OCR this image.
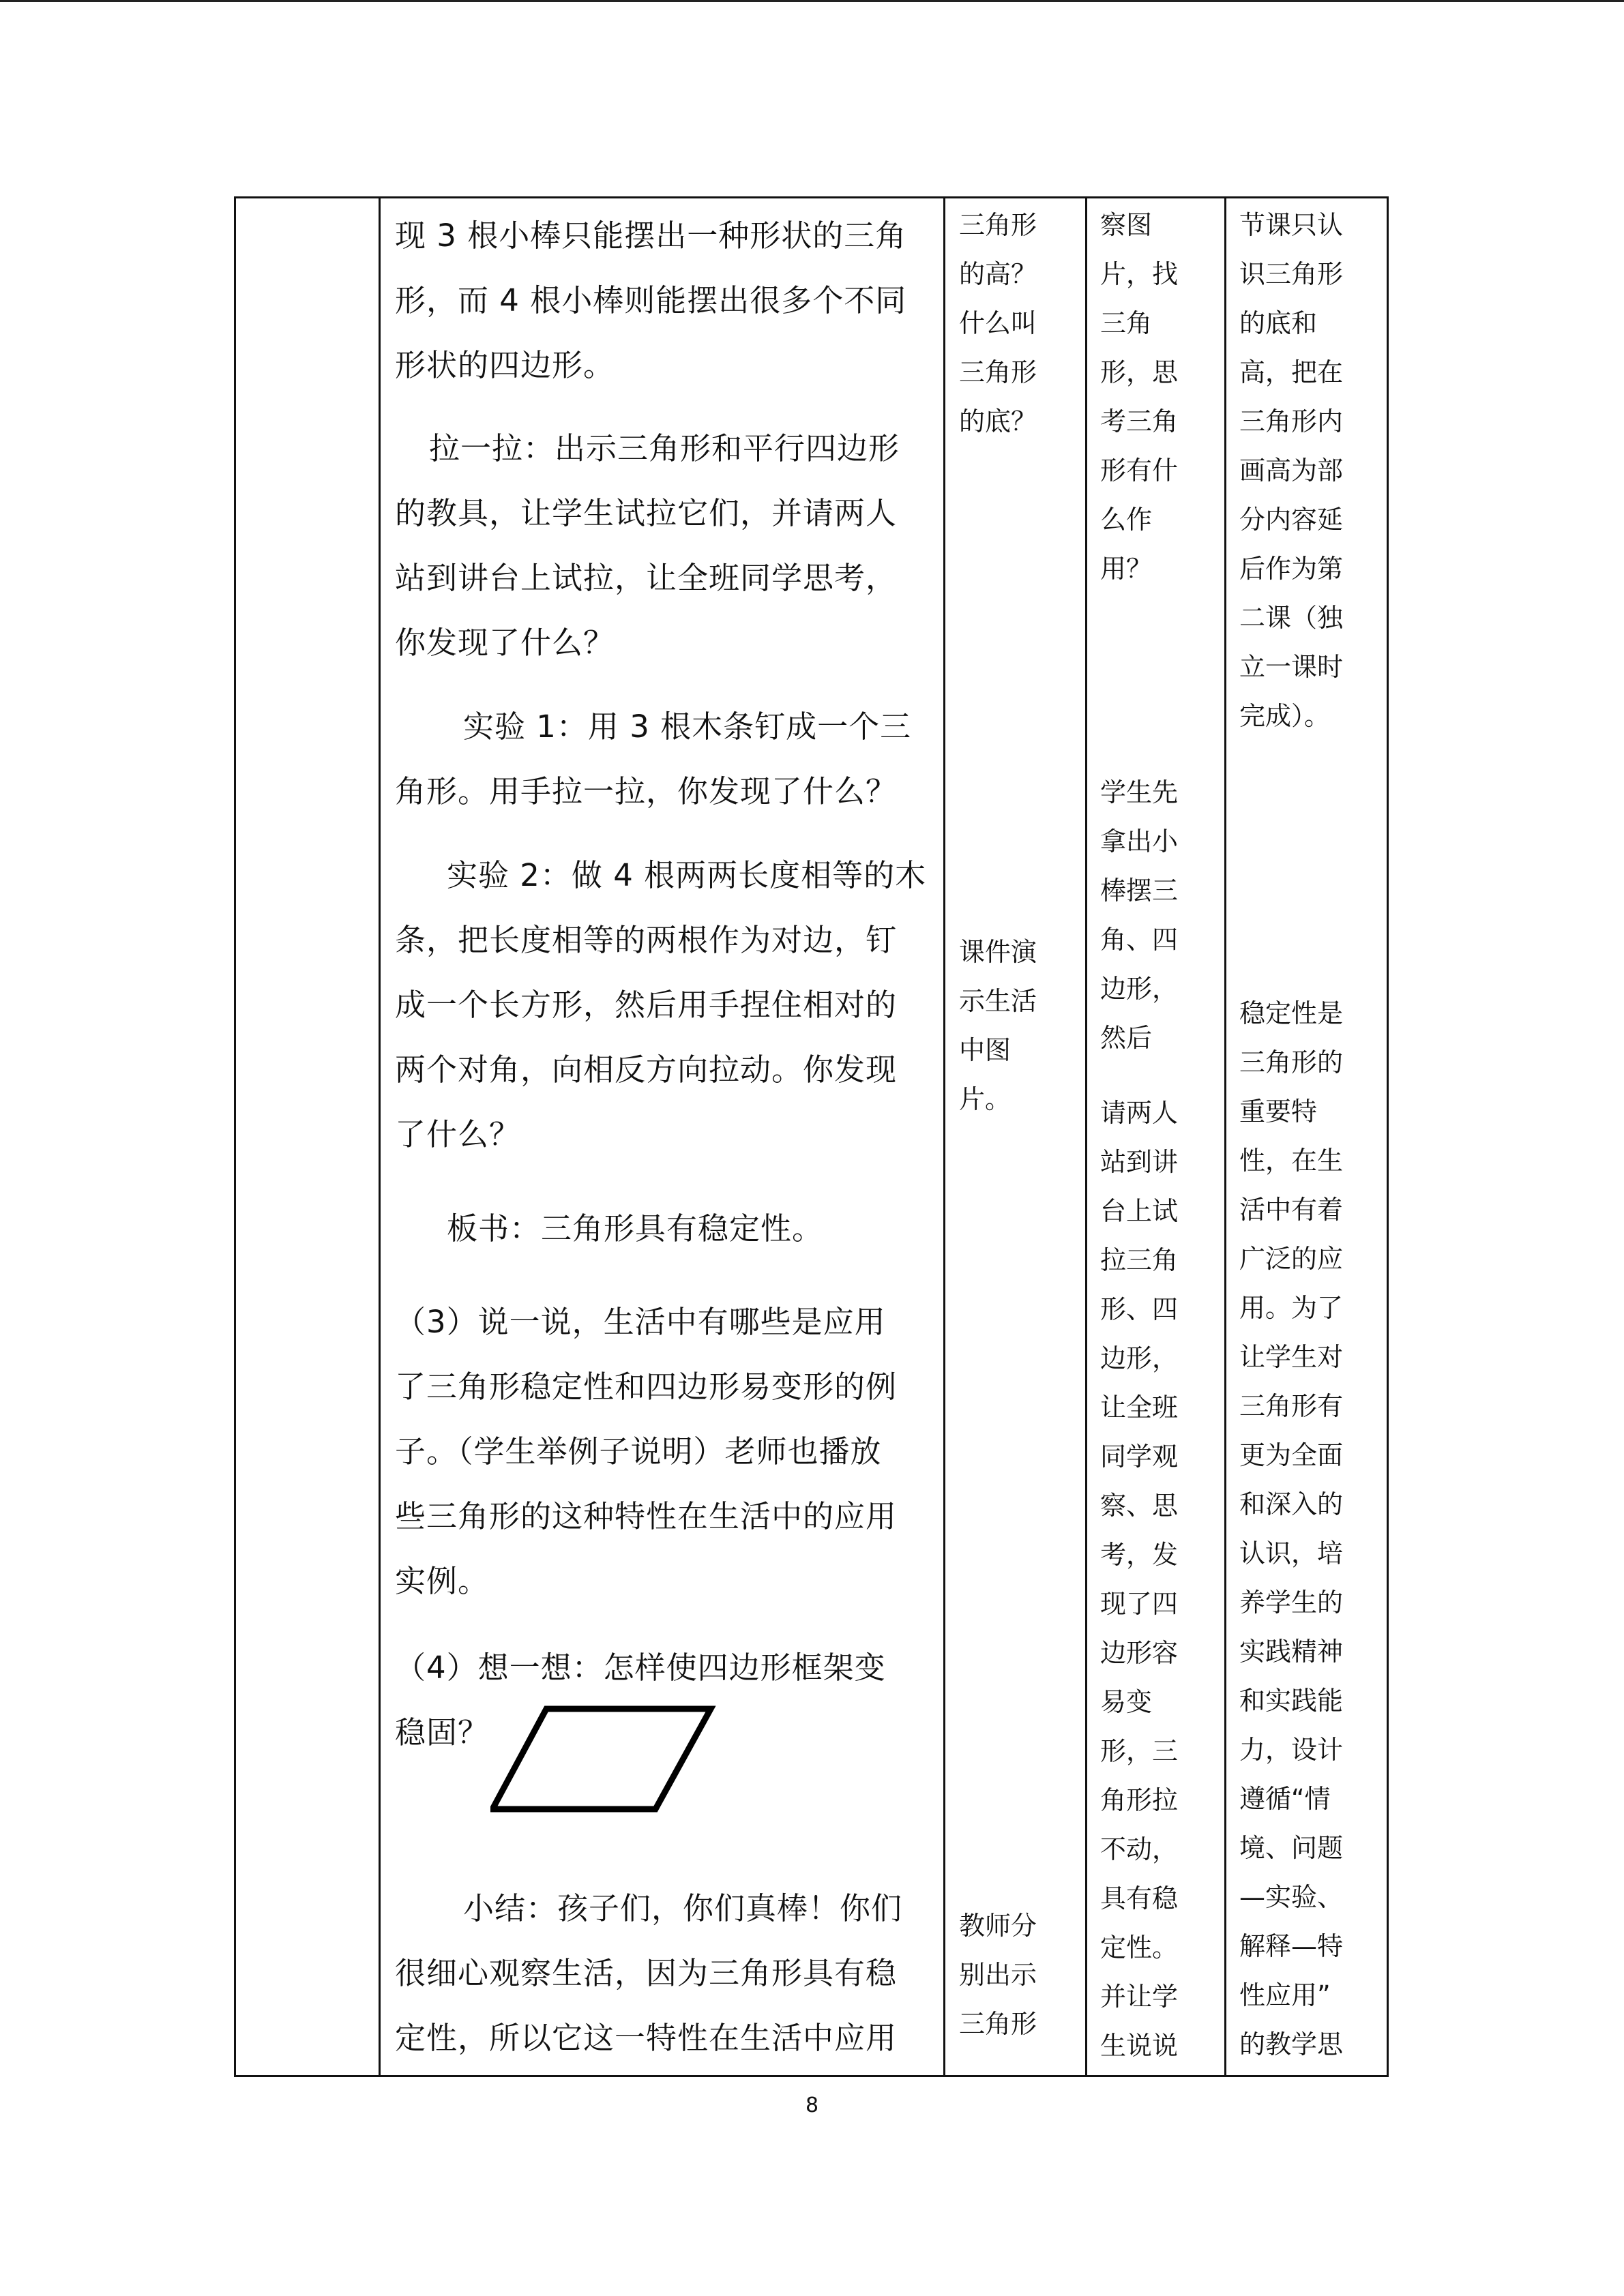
现 3 根小棒只能摆出一种形状的三角

形，而 4 根小棒则能摆出很多个不同

形状的四边形。

拉一拉：出示三角形和平行四边形

的教具，让学生试拉它们，并请两人

站到讲台上试拉，让全班同学思考，

你发现了什么？

实验 1：用 3 根木条钉成一个三

角形。用手拉一拉，你发现了什么？

实验 2：做 4 根两两长度相等的木

条，把长度相等的两根作为对边，钉

成一个长方形，然后用手捏住相对的

两个对角，向相反方向拉动。你发现

了什么？

板书：三角形具有稳定性。

（3）说一说，生活中有哪些是应用

了三角形稳定性和四边形易变形的例

子。（学生举例子说明）老师也播放

些三角形的这种特性在生活中的应用

实例。

（4）想一想：怎样使四边形框架变

稳固？

小结：孩子们，你们真棒！你们

很细心观察生活，因为三角形具有稳

定性，所以它这一特性在生活中应用

三角形

的高？

什么叫

三角形

的底？

课件演

示生活

中图

片。

教师分

别出示

三角形

察图

片，找

三角

形，思

考三角

形有什

么作

用？

学生先

拿出小

棒摆三

角、四

边形，

然后

请两人

站到讲

台上试

拉三角

形、四

边形，

让全班

同学观

察、思

考，发

现了四

边形容

易变

形，三

角形拉

不动，

具有稳

定性。

并让学

生说说

节课只认

识三角形

的底和

高，把在

三角形内

画高为部

分内容延

后作为第

二课（独

立一课时

完成）。

稳定性是

三角形的

重要特

性，在生

活中有着

广泛的应

用。为了

让学生对

三角形有

更为全面

和深入的

认识，培

养学生的

实践精神

和实践能

力，设计

遵循“情

境、问题

—实验、

解释—特

性应用”

的教学思

8
